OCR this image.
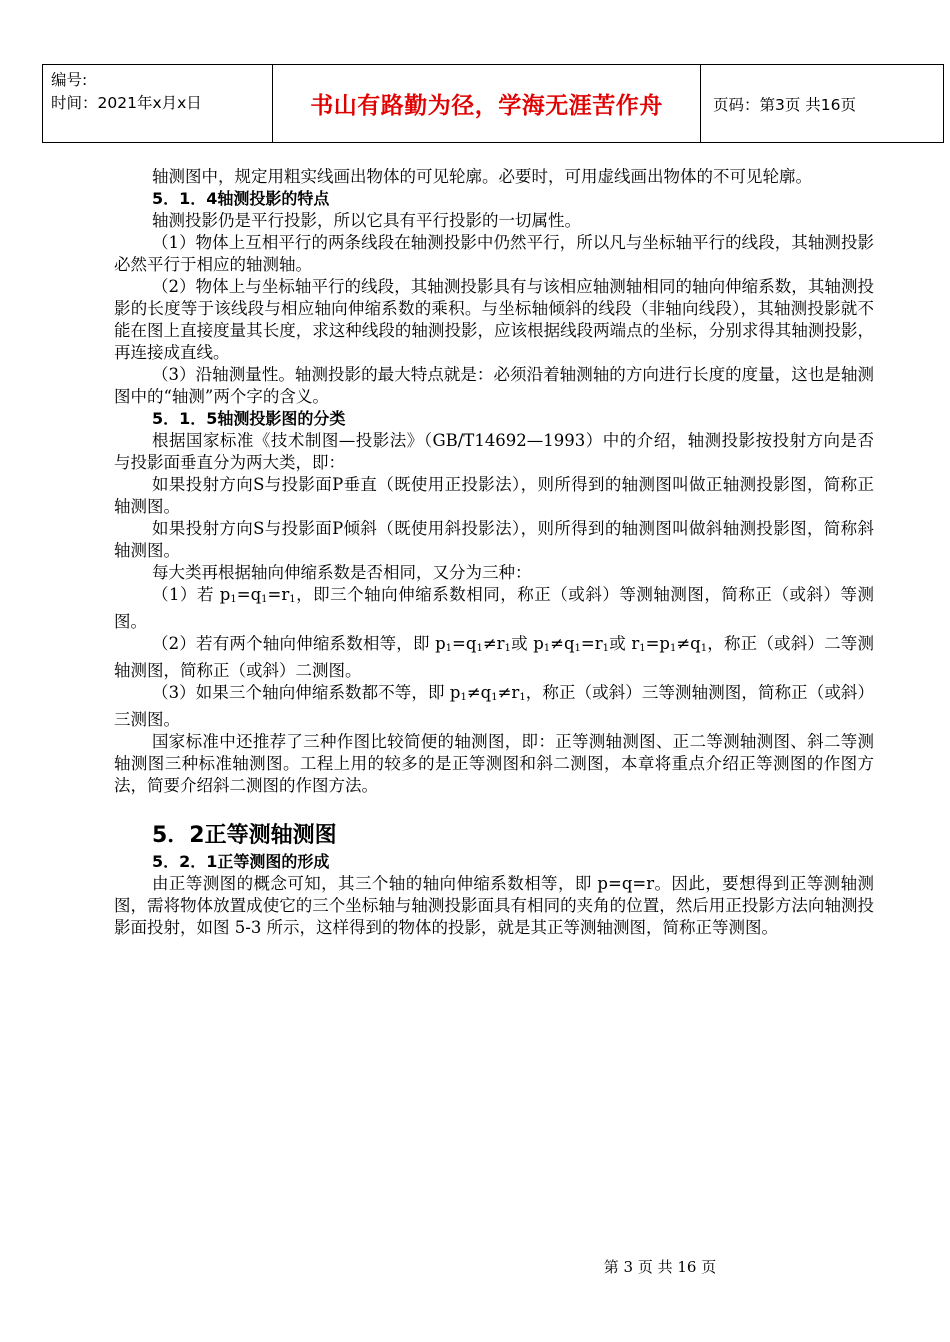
编号:
时间：2021年x月x日	书山有路勤为径，学海无涯苦作舟	页码：第3页 共16页

轴测图中，规定用粗实线画出物体的可见轮廓。必要时，可用虚线画出物体的不可见轮廓。

5．1．4轴测投影的特点

轴测投影仍是平行投影，所以它具有平行投影的一切属性。

（1）物体上互相平行的两条线段在轴测投影中仍然平行，所以凡与坐标轴平行的线段，其轴测投影必然平行于相应的轴测轴。

（2）物体上与坐标轴平行的线段，其轴测投影具有与该相应轴测轴相同的轴向伸缩系数，其轴测投影的长度等于该线段与相应轴向伸缩系数的乘积。与坐标轴倾斜的线段（非轴向线段），其轴测投影就不能在图上直接度量其长度，求这种线段的轴测投影，应该根据线段两端点的坐标，分别求得其轴测投影，再连接成直线。

（3）沿轴测量性。轴测投影的最大特点就是：必须沿着轴测轴的方向进行长度的度量，这也是轴测图中的“轴测”两个字的含义。

5．1．5轴测投影图的分类

根据国家标准《技术制图—投影法》（GB/T14692—1993）中的介绍，轴测投影按投射方向是否与投影面垂直分为两大类，即：

如果投射方向S与投影面P垂直（既使用正投影法），则所得到的轴测图叫做正轴测投影图，简称正轴测图。

如果投射方向S与投影面P倾斜（既使用斜投影法），则所得到的轴测图叫做斜轴测投影图，简称斜轴测图。

每大类再根据轴向伸缩系数是否相同，又分为三种：

（1）若 $p_1=q_1=r_1$，即三个轴向伸缩系数相同，称正（或斜）等测轴测图，简称正（或斜）等测图。

（2）若有两个轴向伸缩系数相等，即 $p_1=q_1\ne r_1$或 $p_1\ne q_1=r_1$或 $r_1=p_1\ne q_1$，称正（或斜）二等测轴测图，简称正（或斜）二测图。

（3）如果三个轴向伸缩系数都不等，即 $p_1\ne q_1\ne r_1$，称正（或斜）三等测轴测图，简称正（或斜）三测图。

国家标准中还推荐了三种作图比较简便的轴测图，即：正等测轴测图、正二等测轴测图、斜二等测轴测图三种标准轴测图。工程上用的较多的是正等测图和斜二测图，本章将重点介绍正等测图的作图方法，简要介绍斜二测图的作图方法。

5．2正等测轴测图

5．2．1正等测图的形成

由正等测图的概念可知，其三个轴的轴向伸缩系数相等，即 p=q=r。因此，要想得到正等测轴测图，需将物体放置成使它的三个坐标轴与轴测投影面具有相同的夹角的位置，然后用正投影方法向轴测投影面投射，如图 5-3 所示，这样得到的物体的投影，就是其正等测轴测图，简称正等测图。

第 3 页 共 16 页
